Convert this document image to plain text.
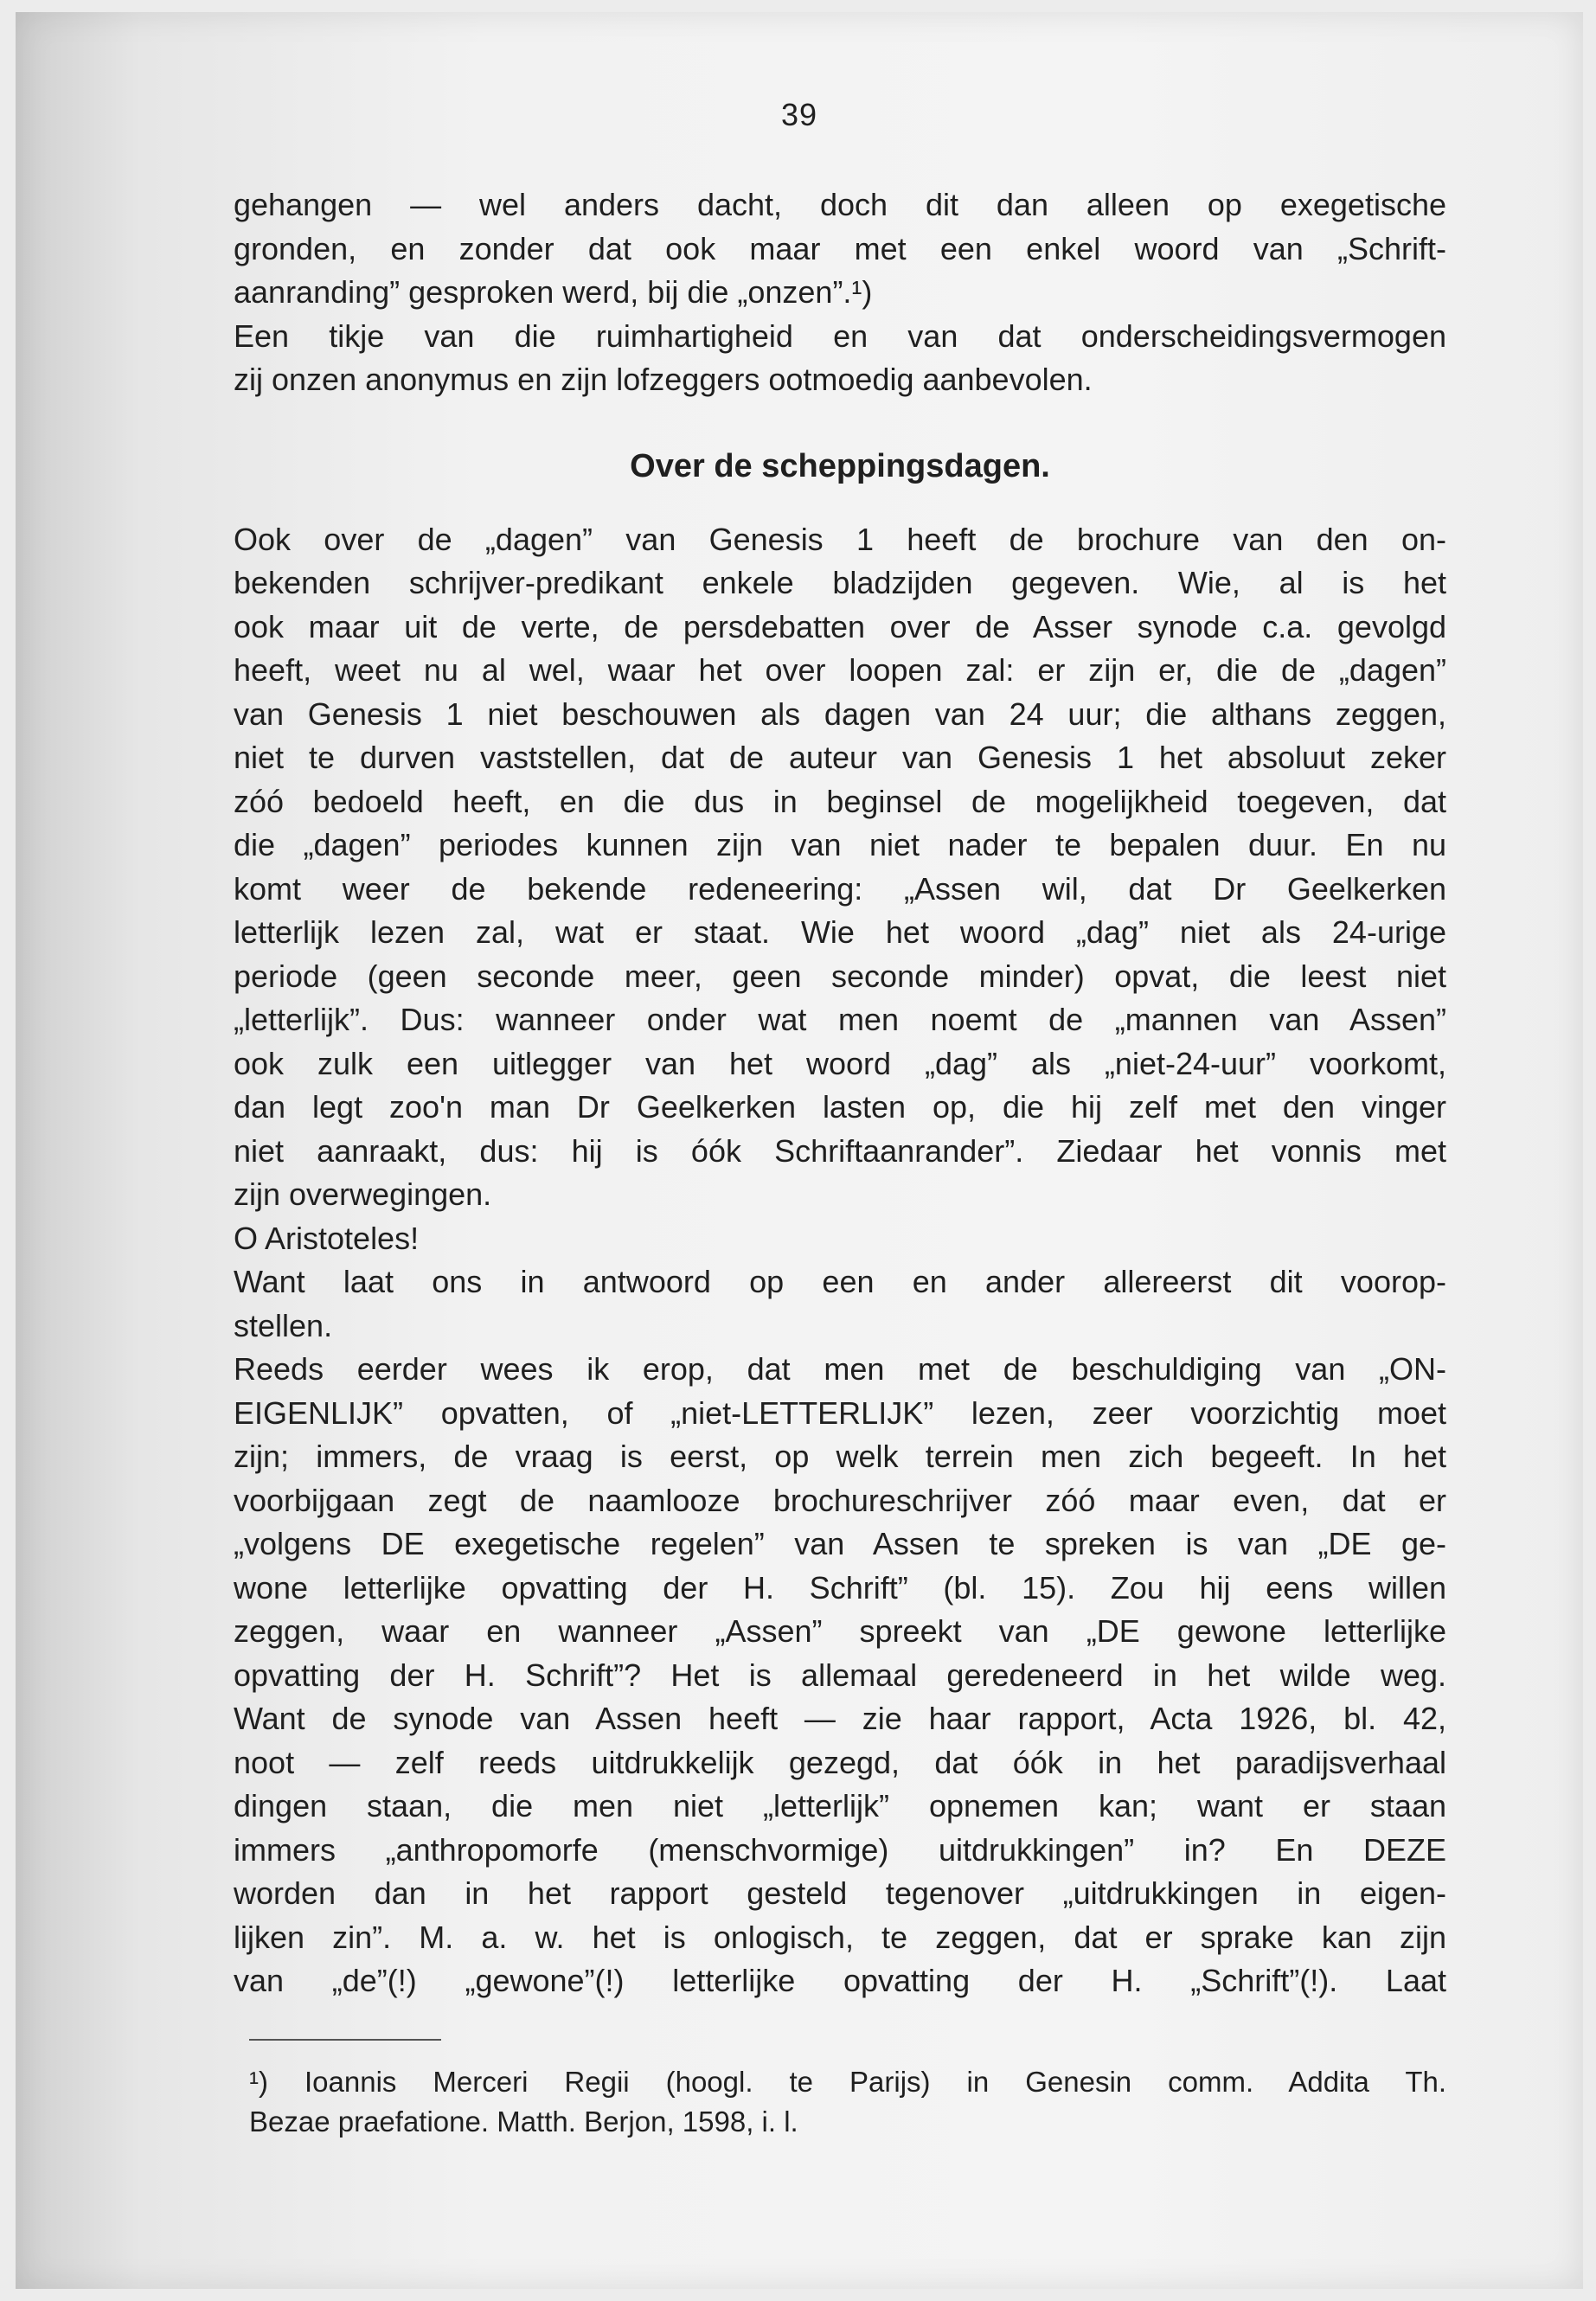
39
gehangen — wel anders dacht, doch dit dan alleen op exegetische
gronden, en zonder dat ook maar met een enkel woord van „Schrift-
aanranding” gesproken werd, bij die „onzen”.¹)
Een tikje van die ruimhartigheid en van dat onderscheidingsvermogen
zij onzen anonymus en zijn lofzeggers ootmoedig aanbevolen.
Over de scheppingsdagen.
Ook over de „dagen” van Genesis 1 heeft de brochure van den on-
bekenden schrijver-predikant enkele bladzijden gegeven. Wie, al is het
ook maar uit de verte, de persdebatten over de Asser synode c.a. gevolgd
heeft, weet nu al wel, waar het over loopen zal: er zijn er, die de „dagen”
van Genesis 1 niet beschouwen als dagen van 24 uur; die althans zeggen,
niet te durven vaststellen, dat de auteur van Genesis 1 het absoluut zeker
zóó bedoeld heeft, en die dus in beginsel de mogelijkheid toegeven, dat
die „dagen” periodes kunnen zijn van niet nader te bepalen duur. En nu
komt weer de bekende redeneering: „Assen wil, dat Dr Geelkerken
letterlijk lezen zal, wat er staat. Wie het woord „dag” niet als 24-urige
periode (geen seconde meer, geen seconde minder) opvat, die leest niet
„letterlijk”. Dus: wanneer onder wat men noemt de „mannen van Assen”
ook zulk een uitlegger van het woord „dag” als „niet-24-uur” voorkomt,
dan legt zoo'n man Dr Geelkerken lasten op, die hij zelf met den vinger
niet aanraakt, dus: hij is óók Schriftaanrander”. Ziedaar het vonnis met
zijn overwegingen.
O Aristoteles!
Want laat ons in antwoord op een en ander allereerst dit voorop-
stellen.
Reeds eerder wees ik erop, dat men met de beschuldiging van „ON-
EIGENLIJK” opvatten, of „niet-LETTERLIJK” lezen, zeer voorzichtig moet
zijn; immers, de vraag is eerst, op welk terrein men zich begeeft. In het
voorbijgaan zegt de naamlooze brochureschrijver zóó maar even, dat er
„volgens DE exegetische regelen” van Assen te spreken is van „DE ge-
wone letterlijke opvatting der H. Schrift” (bl. 15). Zou hij eens willen
zeggen, waar en wanneer „Assen” spreekt van „DE gewone letterlijke
opvatting der H. Schrift”? Het is allemaal geredeneerd in het wilde weg.
Want de synode van Assen heeft — zie haar rapport, Acta 1926, bl. 42,
noot — zelf reeds uitdrukkelijk gezegd, dat óók in het paradijsverhaal
dingen staan, die men niet „letterlijk” opnemen kan; want er staan
immers „anthropomorfe (menschvormige) uitdrukkingen” in? En DEZE
worden dan in het rapport gesteld tegenover „uitdrukkingen in eigen-
lijken zin”. M. a. w. het is onlogisch, te zeggen, dat er sprake kan zijn
van „de”(!) „gewone”(!) letterlijke opvatting der H. „Schrift”(!). Laat
¹) Ioannis Merceri Regii (hoogl. te Parijs) in Genesin comm. Addita Th.
Bezae praefatione. Matth. Berjon, 1598, i. l.
